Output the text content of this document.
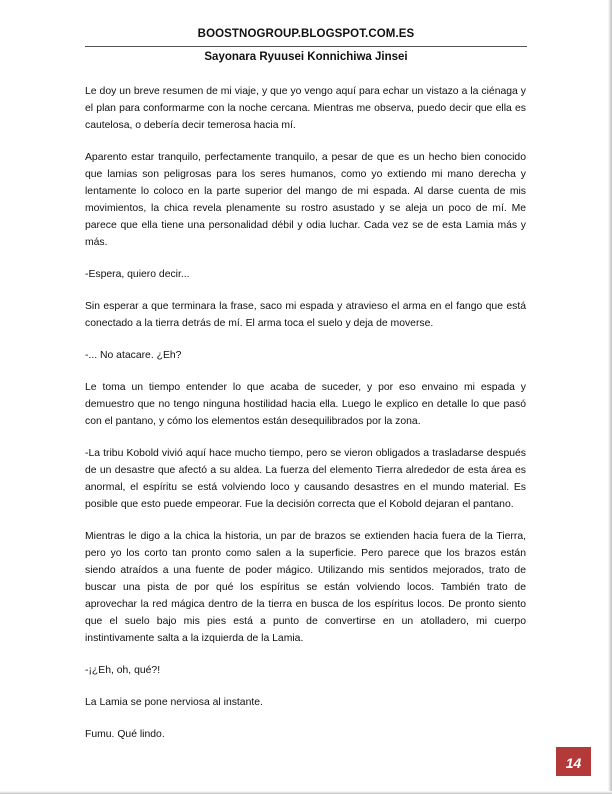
BOOSTNOGROUP.BLOGSPOT.COM.ES
Sayonara Ryuusei Konnichiwa Jinsei

Le doy un breve resumen de mi viaje, y que yo vengo aquí para echar un vistazo a la ciénaga y el plan para conformarme con la noche cercana. Mientras me observa, puedo decir que ella es cautelosa, o debería decir temerosa hacia mí.

Aparento estar tranquilo, perfectamente tranquilo, a pesar de que es un hecho bien conocido que lamias son peligrosas para los seres humanos, como yo extiendo mi mano derecha y lentamente lo coloco en la parte superior del mango de mi espada. Al darse cuenta de mis movimientos, la chica revela plenamente su rostro asustado y se aleja un poco de mí. Me parece que ella tiene una personalidad débil y odia luchar. Cada vez se de esta Lamia más y más.

-Espera, quiero decir...

Sin esperar a que terminara la frase, saco mi espada y atravieso el arma en el fango que está conectado a la tierra detrás de mí. El arma toca el suelo y deja de moverse.

-... No atacare. ¿Eh?

Le toma un tiempo entender lo que acaba de suceder, y por eso envaino mi espada y demuestro que no tengo ninguna hostilidad hacia ella. Luego le explico en detalle lo que pasó con el pantano, y cómo los elementos están desequilibrados por la zona.

-La tribu Kobold vivió aquí hace mucho tiempo, pero se vieron obligados a trasladarse después de un desastre que afectó a su aldea. La fuerza del elemento Tierra alrededor de esta área es anormal, el espíritu se está volviendo loco y causando desastres en el mundo material. Es posible que esto puede empeorar. Fue la decisión correcta que el Kobold dejaran el pantano.

Mientras le digo a la chica la historia, un par de brazos se extienden hacia fuera de la Tierra, pero yo los corto tan pronto como salen a la superficie. Pero parece que los brazos están siendo atraídos a una fuente de poder mágico. Utilizando mis sentidos mejorados, trato de buscar una pista de por qué los espíritus se están volviendo locos. También trato de aprovechar la red mágica dentro de la tierra en busca de los espíritus locos. De pronto siento que el suelo bajo mis pies está a punto de convertirse en un atolladero, mi cuerpo instintivamente salta a la izquierda de la Lamia.

-¡¿Eh, oh, qué?!

La Lamia se pone nerviosa al instante.

Fumu. Qué lindo.

14
